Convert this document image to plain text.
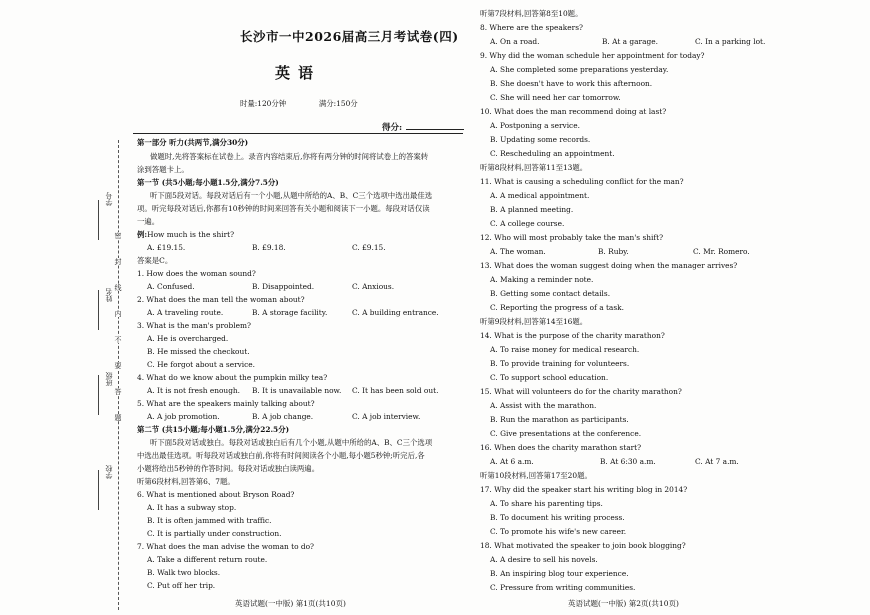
学号
姓名
班级
学校
密
封
线
内
不
要
答
题
长沙市一中2026届高三月考试卷(四)
英语
时量:120分钟	满分:150分
得分:
第一部分 听力(共两节,满分30分)
做题时,先将答案标在试卷上。录音内容结束后,你将有两分钟的时间将试卷上的答案转
涂到答题卡上。
第一节 (共5小题;每小题1.5分,满分7.5分)
听下面5段对话。每段对话后有一个小题,从题中所给的A、B、C三个选项中选出最佳选
项。听完每段对话后,你都有10秒钟的时间来回答有关小题和阅读下一小题。每段对话仅读
一遍。
例:How much is the shirt?
A. £19.15.	B. £9.18.	C. £9.15.
答案是C。
1. How does the woman sound?
A. Confused.	B. Disappointed.	C. Anxious.
2. What does the man tell the woman about?
A. A traveling route.	B. A storage facility.	C. A building entrance.
3. What is the man's problem?
A. He is overcharged.
B. He missed the checkout.
C. He forgot about a service.
4. What do we know about the pumpkin milky tea?
A. It is not fresh enough. B. It is unavailable now. C. It has been sold out.
5. What are the speakers mainly talking about?
A. A job promotion.	B. A job change.	C. A job interview.
第二节 (共15小题;每小题1.5分,满分22.5分)
听下面5段对话或独白。每段对话或独白后有几个小题,从题中所给的A、B、C三个选项
中选出最佳选项。听每段对话或独白前,你将有时间阅读各个小题,每小题5秒钟;听完后,各
小题将给出5秒钟的作答时间。每段对话或独白读两遍。
听第6段材料,回答第6、7题。
6. What is mentioned about Bryson Road?
A. It has a subway stop.
B. It is often jammed with traffic.
C. It is partially under construction.
7. What does the man advise the woman to do?
A. Take a different return route.
B. Walk two blocks.
C. Put off her trip.
英语试题(一中版) 第1页(共10页)
听第7段材料,回答第8至10题。
8. Where are the speakers?
A. On a road.	B. At a garage.	C. In a parking lot.
9. Why did the woman schedule her appointment for today?
A. She completed some preparations yesterday.
B. She doesn't have to work this afternoon.
C. She will need her car tomorrow.
10. What does the man recommend doing at last?
A. Postponing a service.
B. Updating some records.
C. Rescheduling an appointment.
听第8段材料,回答第11至13题。
11. What is causing a scheduling conflict for the man?
A. A medical appointment.
B. A planned meeting.
C. A college course.
12. Who will most probably take the man's shift?
A. The woman.	B. Ruby.	C. Mr. Romero.
13. What does the woman suggest doing when the manager arrives?
A. Making a reminder note.
B. Getting some contact details.
C. Reporting the progress of a task.
听第9段材料,回答第14至16题。
14. What is the purpose of the charity marathon?
A. To raise money for medical research.
B. To provide training for volunteers.
C. To support school education.
15. What will volunteers do for the charity marathon?
A. Assist with the marathon.
B. Run the marathon as participants.
C. Give presentations at the conference.
16. When does the charity marathon start?
A. At 6 a.m.	B. At 6:30 a.m.	C. At 7 a.m.
听第10段材料,回答第17至20题。
17. Why did the speaker start his writing blog in 2014?
A. To share his parenting tips.
B. To document his writing process.
C. To promote his wife's new career.
18. What motivated the speaker to join book blogging?
A. A desire to sell his novels.
B. An inspiring blog tour experience.
C. Pressure from writing communities.
英语试题(一中版) 第2页(共10页)
